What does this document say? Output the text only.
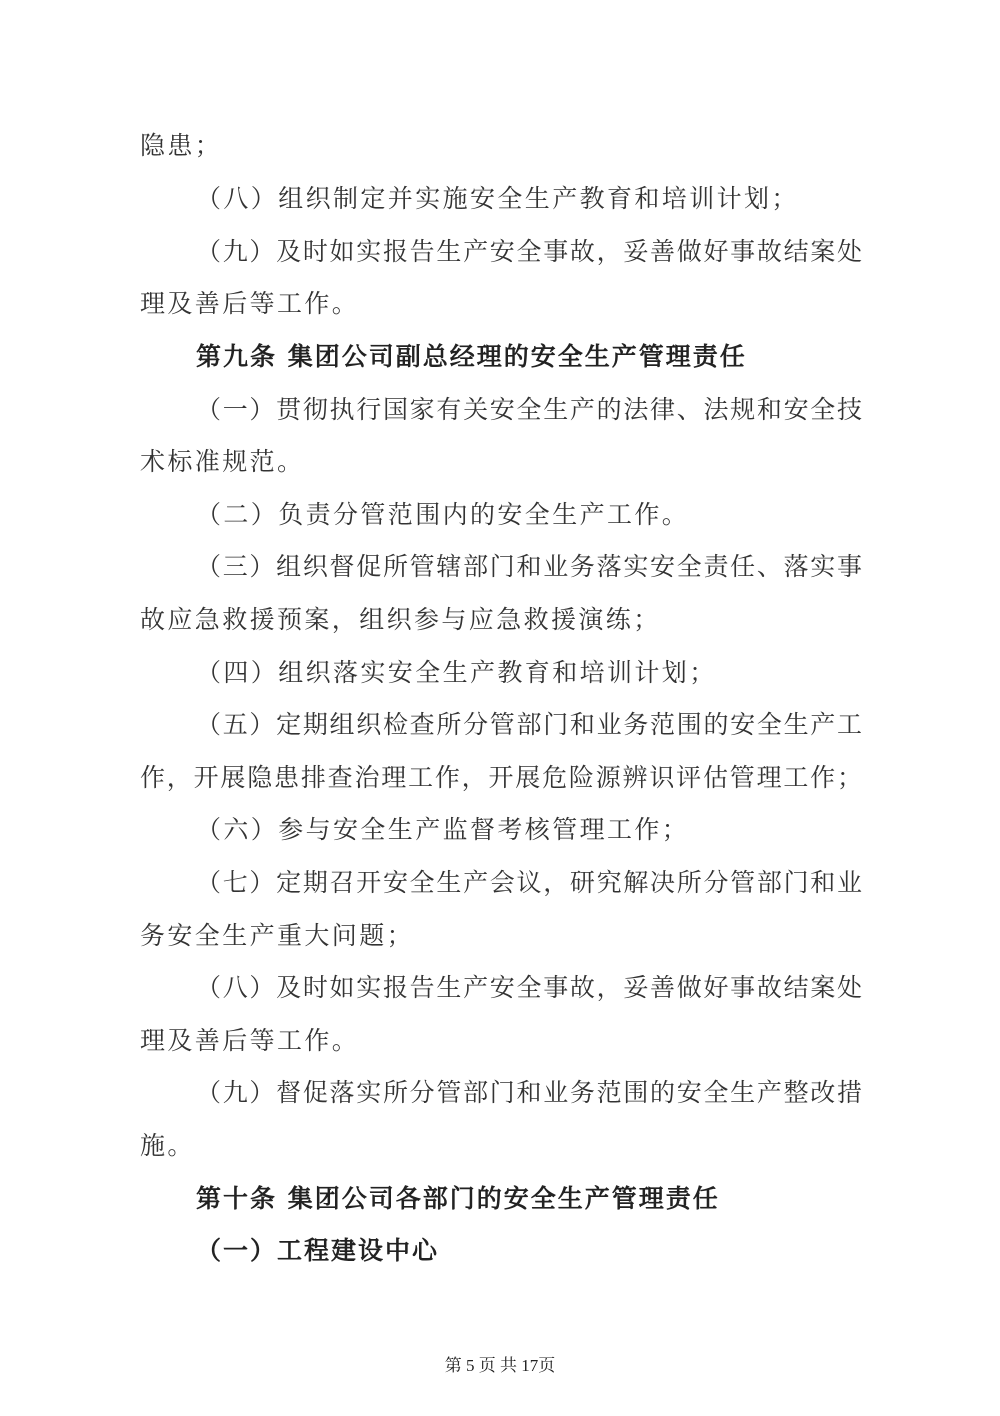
隐患；
（八）组织制定并实施安全生产教育和培训计划；
（九）及时如实报告生产安全事故，妥善做好事故结案处
理及善后等工作。
第九条 集团公司副总经理的安全生产管理责任
（一）贯彻执行国家有关安全生产的法律、法规和安全技
术标准规范。
（二）负责分管范围内的安全生产工作。
（三）组织督促所管辖部门和业务落实安全责任、落实事
故应急救援预案，组织参与应急救援演练；
（四）组织落实安全生产教育和培训计划；
（五）定期组织检查所分管部门和业务范围的安全生产工
作，开展隐患排查治理工作，开展危险源辨识评估管理工作；
（六）参与安全生产监督考核管理工作；
（七）定期召开安全生产会议，研究解决所分管部门和业
务安全生产重大问题；
（八）及时如实报告生产安全事故，妥善做好事故结案处
理及善后等工作。
（九）督促落实所分管部门和业务范围的安全生产整改措
施。
第十条 集团公司各部门的安全生产管理责任
（一）工程建设中心
第 5 页 共 17页
